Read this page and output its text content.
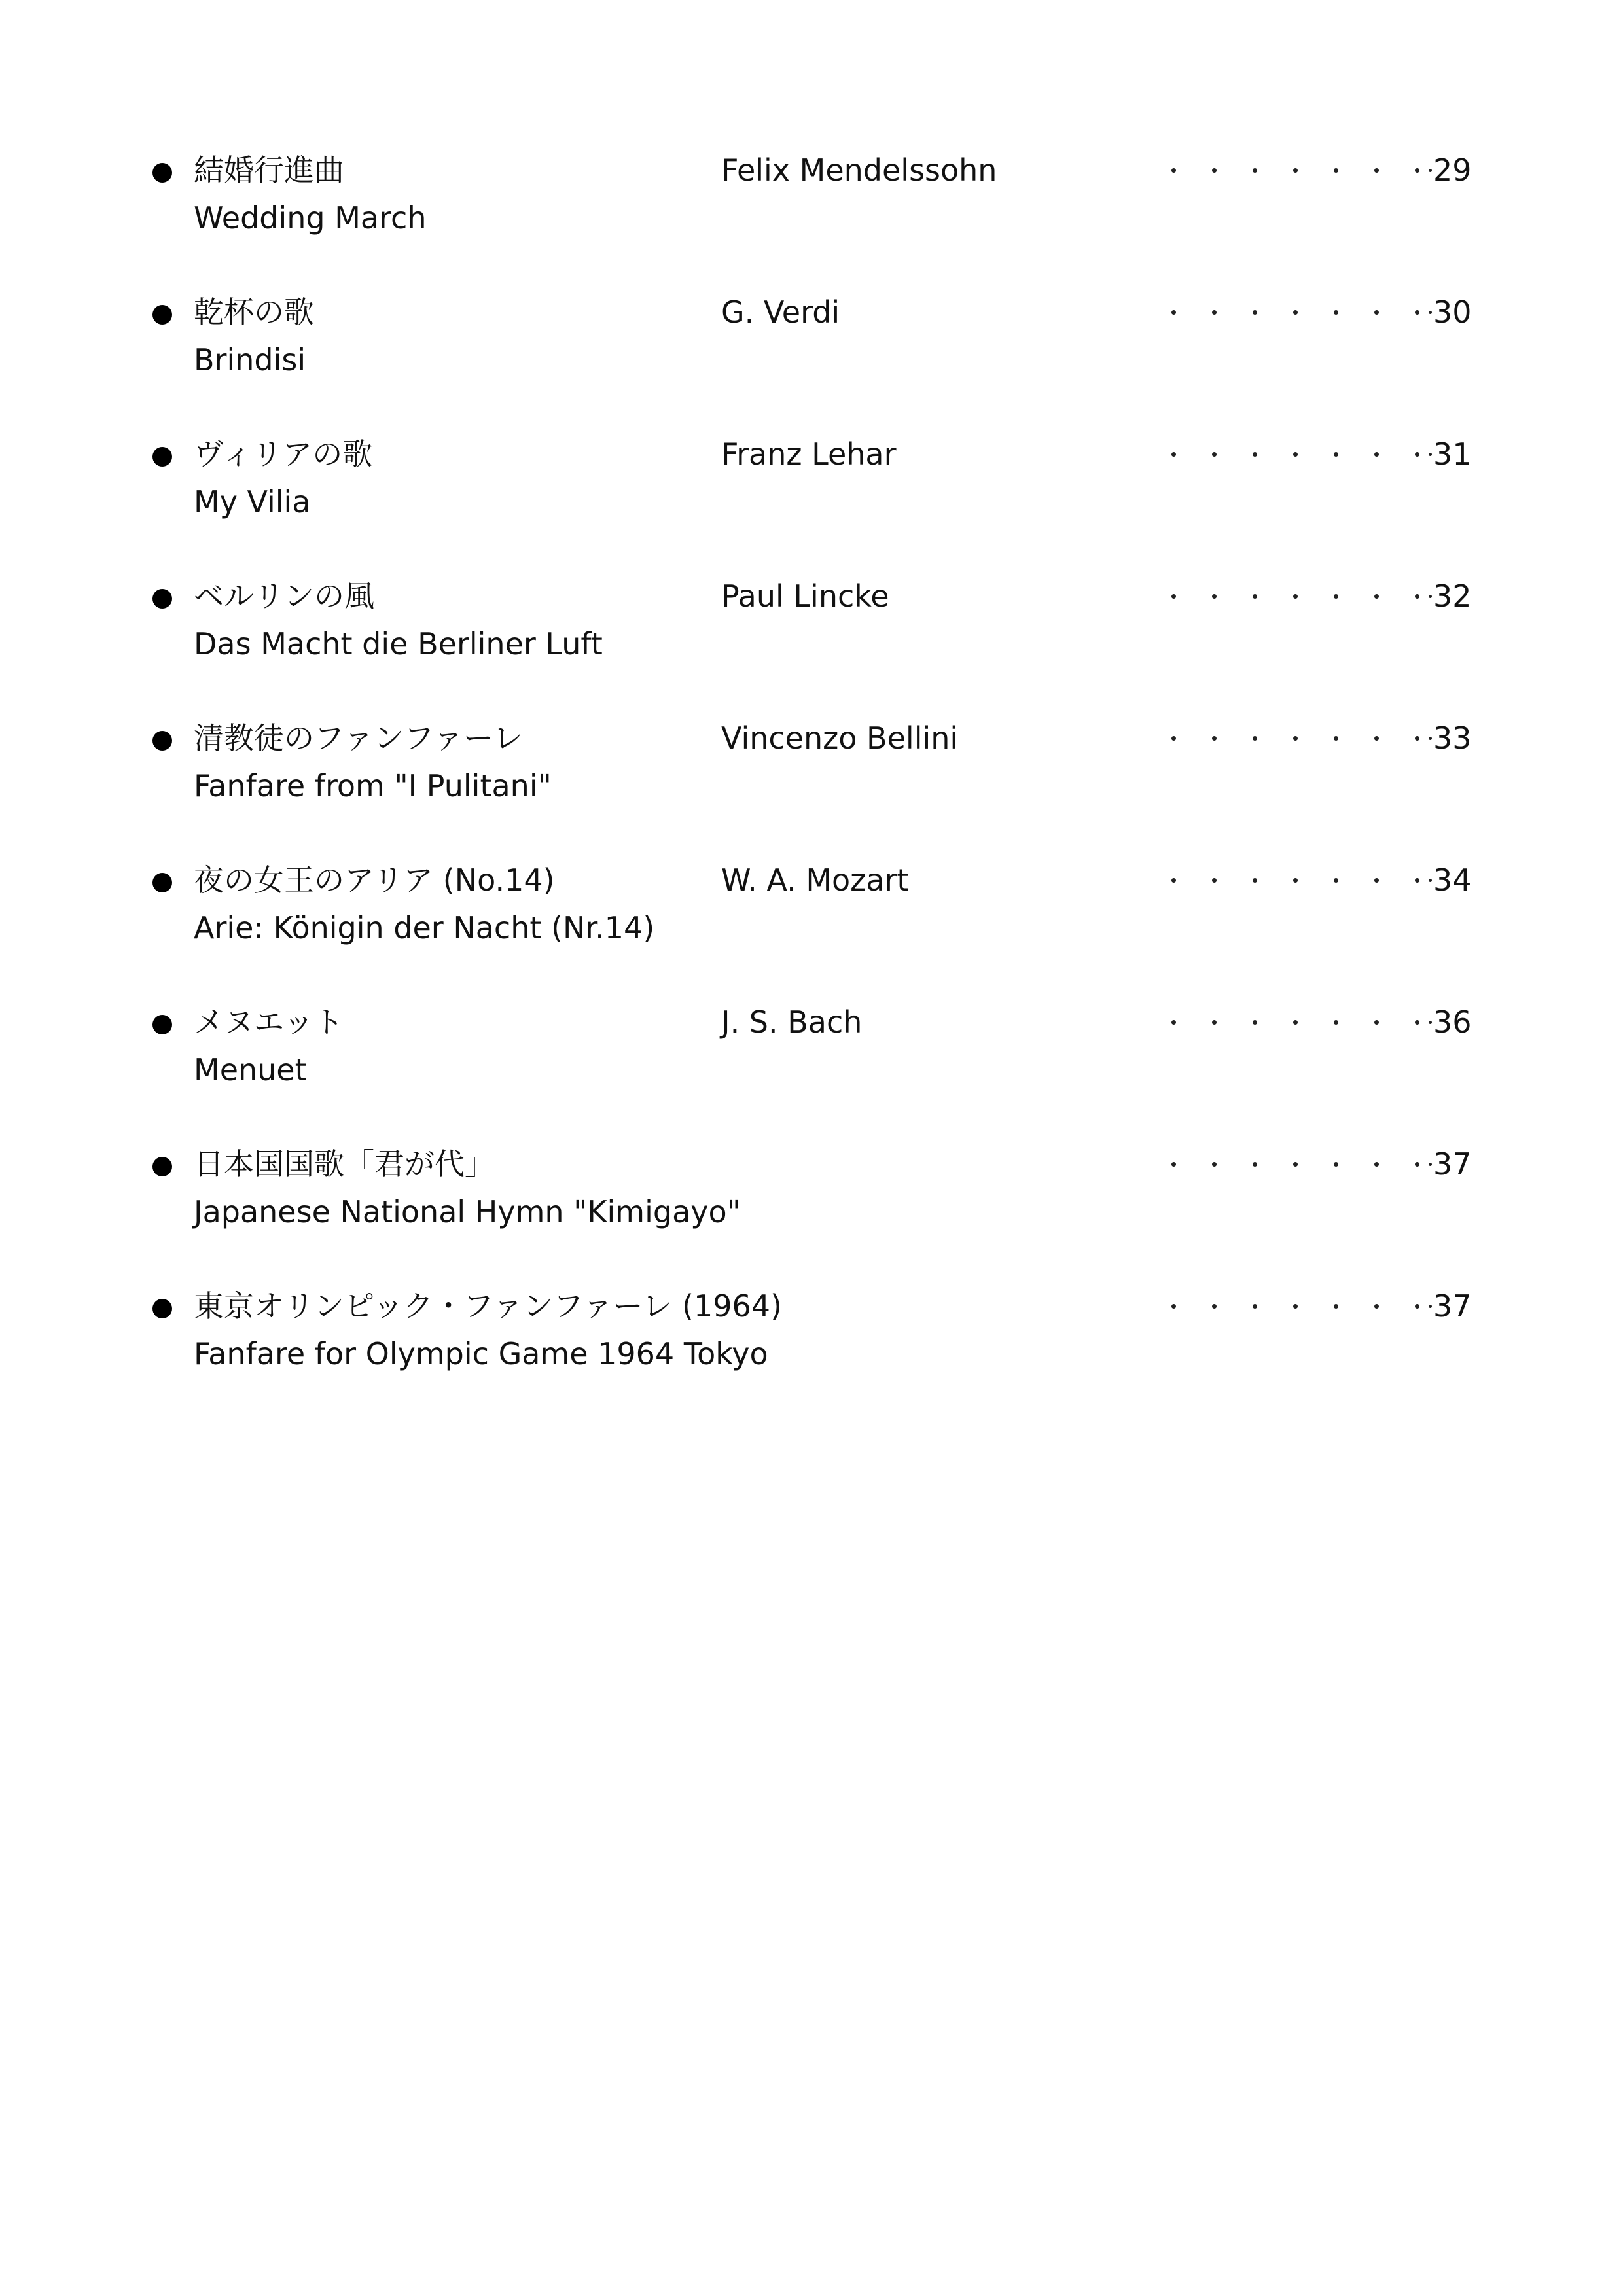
結婚行進曲
Wedding March
Felix Mendelssohn	29
乾杯の歌
Brindisi
G. Verdi	30
ヴィリアの歌
My Vilia
Franz Lehar	31
ベルリンの風
Das Macht die Berliner Luft
Paul Lincke	32
清教徒のファンファーレ
Fanfare from "I Pulitani"
Vincenzo Bellini	33
夜の女王のアリア (No.14)
Arie: Königin der Nacht (Nr.14)
W. A. Mozart	34
メヌエット
Menuet
J. S. Bach	36
日本国国歌「君が代」
Japanese National Hymn "Kimigayo"
37
東京オリンピック・ファンファーレ (1964)
Fanfare for Olympic Game 1964 Tokyo
37
